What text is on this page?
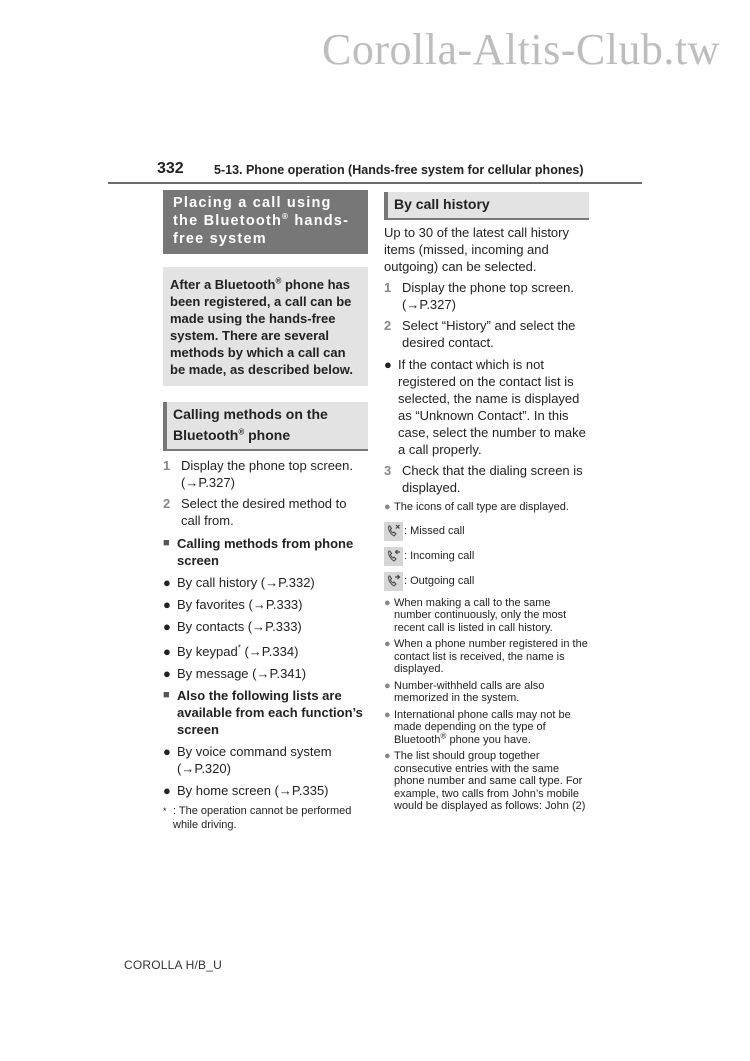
Corolla-Altis-Club.tw
332 5-13. Phone operation (Hands-free system for cellular phones)
Placing a call using the Bluetooth® hands-free system
After a Bluetooth® phone has been registered, a call can be made using the hands-free system. There are several methods by which a call can be made, as described below.
Calling methods on the Bluetooth® phone
1 Display the phone top screen. (→P.327)
2 Select the desired method to call from.
■ Calling methods from phone screen
● By call history (→P.332)
● By favorites (→P.333)
● By contacts (→P.333)
● By keypad* (→P.334)
● By message (→P.341)
■ Also the following lists are available from each function’s screen
● By voice command system (→P.320)
● By home screen (→P.335)
* : The operation cannot be performed while driving.
By call history

Up to 30 of the latest call history items (missed, incoming and outgoing) can be selected.

1 Display the phone top screen. (→P.327)
2 Select “History” and select the desired contact.
● If the contact which is not registered on the contact list is selected, the name is displayed as “Unknown Contact”. In this case, select the number to make a call properly.
3 Check that the dialing screen is displayed.
● The icons of call type are displayed.
: Missed call
: Incoming call
: Outgoing call
● When making a call to the same number continuously, only the most recent call is listed in call history.
● When a phone number registered in the contact list is received, the name is displayed.
● Number-withheld calls are also memorized in the system.
● International phone calls may not be made depending on the type of Bluetooth® phone you have.
● The list should group together consecutive entries with the same phone number and same call type. For example, two calls from John’s mobile would be displayed as follows: John (2)
COROLLA H/B_U
